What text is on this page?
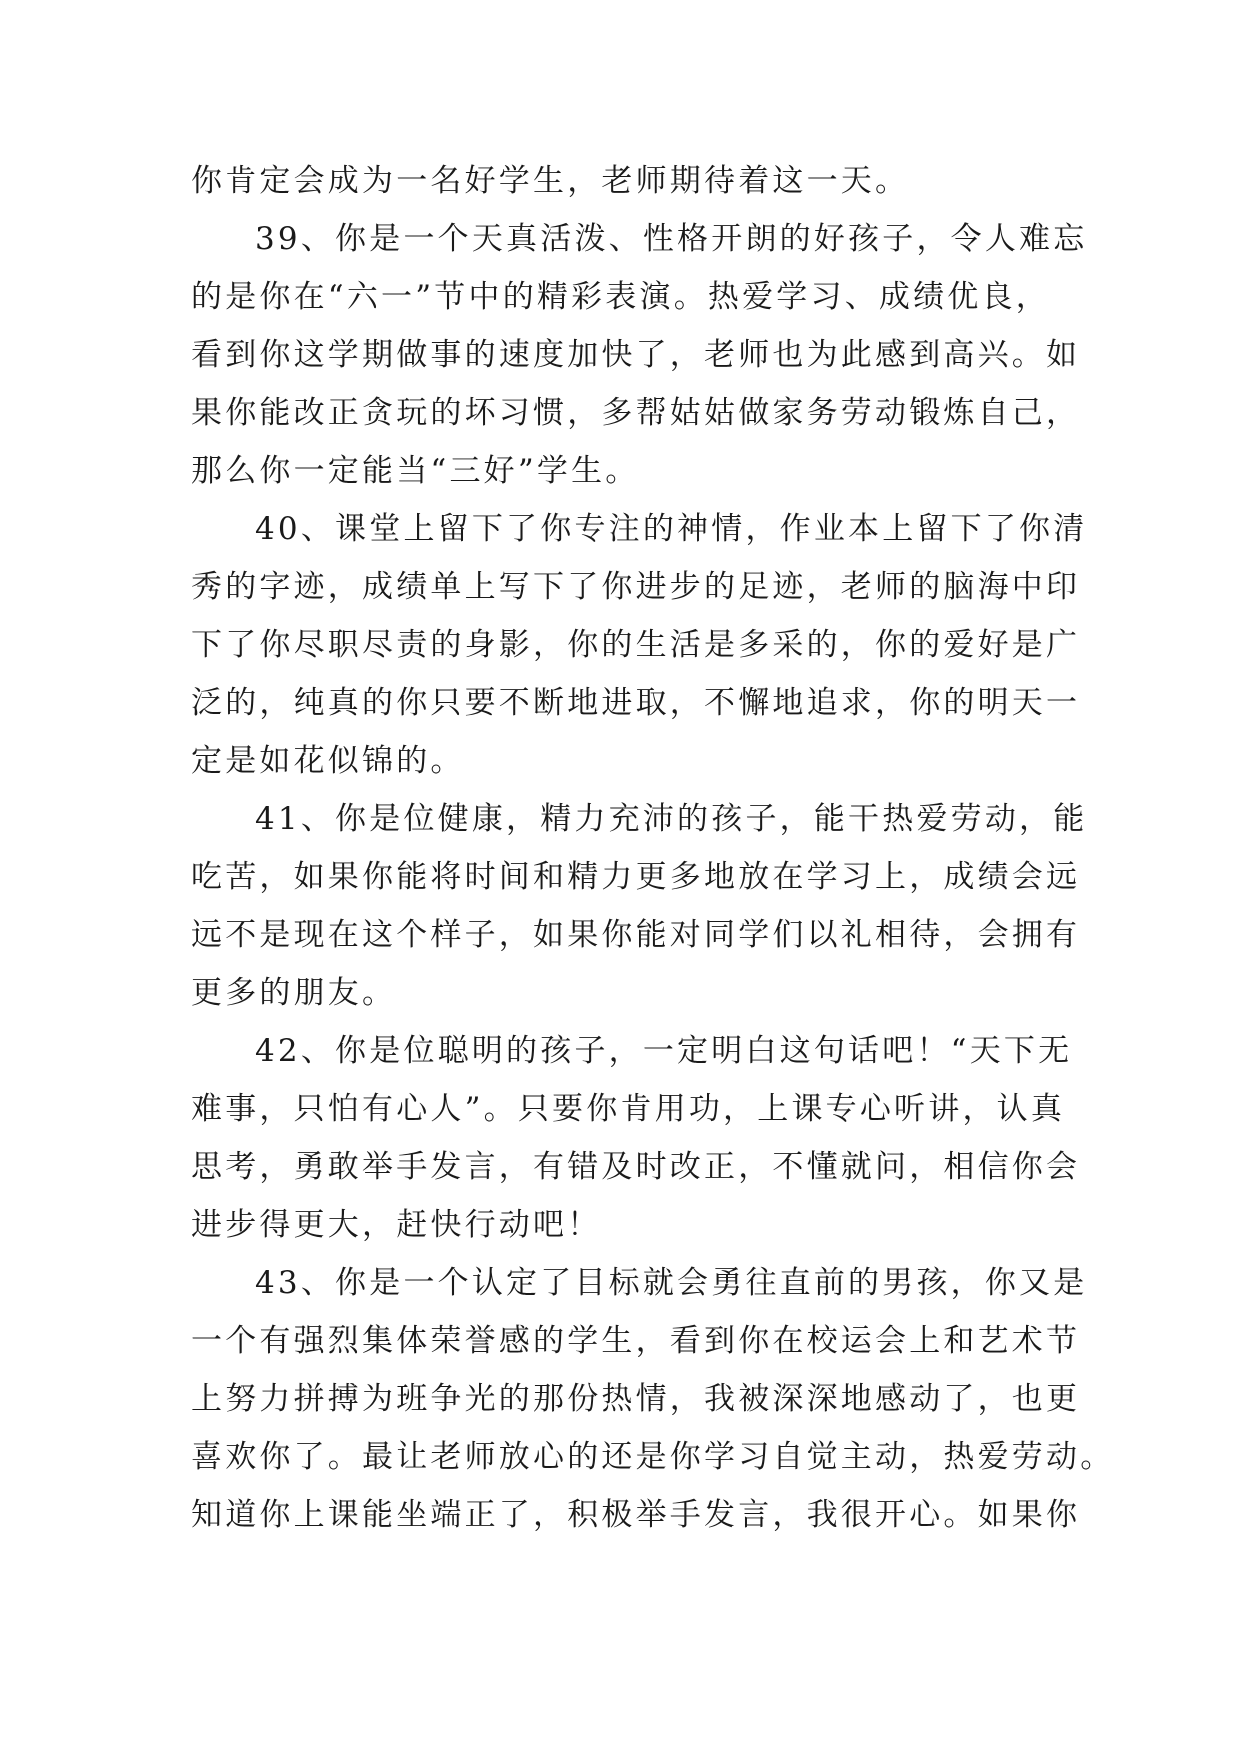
你肯定会成为一名好学生，老师期待着这一天。
39、你是一个天真活泼、性格开朗的好孩子，令人难忘
的是你在“六一”节中的精彩表演。热爱学习、成绩优良，
看到你这学期做事的速度加快了，老师也为此感到高兴。如
果你能改正贪玩的坏习惯，多帮姑姑做家务劳动锻炼自己，
那么你一定能当“三好”学生。
40、课堂上留下了你专注的神情，作业本上留下了你清
秀的字迹，成绩单上写下了你进步的足迹，老师的脑海中印
下了你尽职尽责的身影，你的生活是多采的，你的爱好是广
泛的，纯真的你只要不断地进取，不懈地追求，你的明天一
定是如花似锦的。
41、你是位健康，精力充沛的孩子，能干热爱劳动，能
吃苦，如果你能将时间和精力更多地放在学习上，成绩会远
远不是现在这个样子，如果你能对同学们以礼相待，会拥有
更多的朋友。
42、你是位聪明的孩子，一定明白这句话吧！“天下无
难事，只怕有心人”。只要你肯用功，上课专心听讲，认真
思考，勇敢举手发言，有错及时改正，不懂就问，相信你会
进步得更大，赶快行动吧！
43、你是一个认定了目标就会勇往直前的男孩，你又是
一个有强烈集体荣誉感的学生，看到你在校运会上和艺术节
上努力拼搏为班争光的那份热情，我被深深地感动了，也更
喜欢你了。最让老师放心的还是你学习自觉主动，热爱劳动。
知道你上课能坐端正了，积极举手发言，我很开心。如果你
